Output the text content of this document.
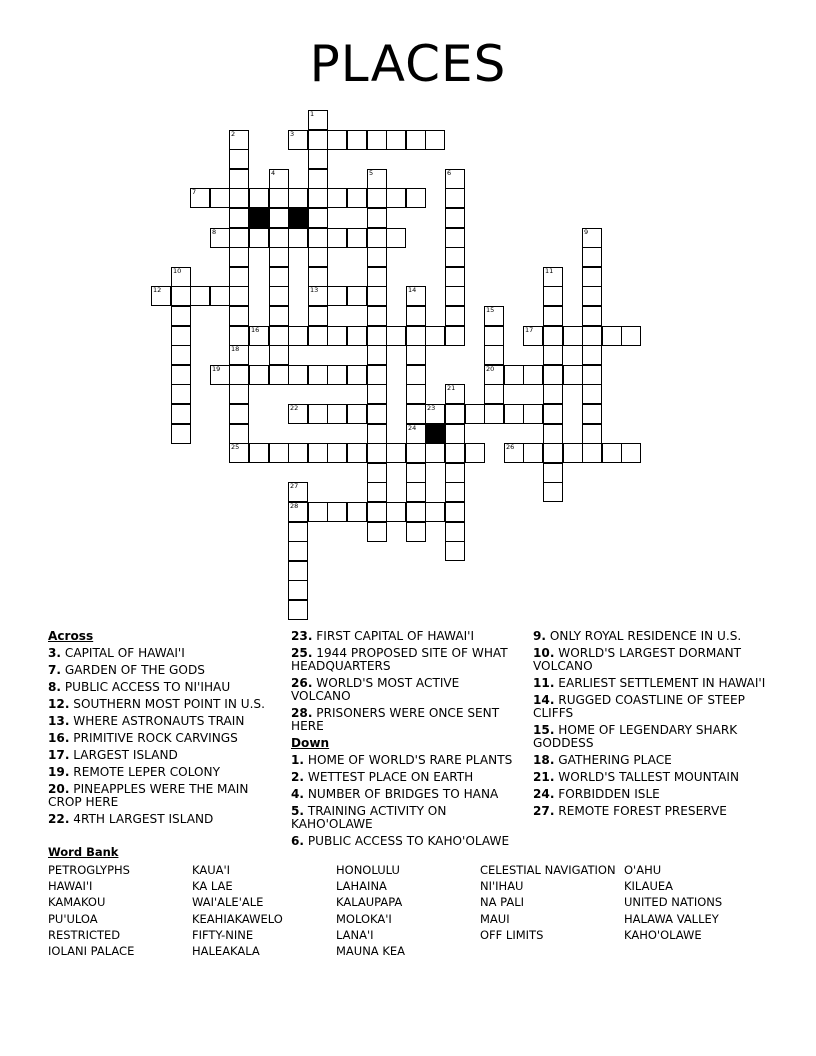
PLACES
1
13
2
18
3
4	5	6
7
8	9
10	11
12	14
24
15
20
16	17
19
21
22	23
25	26
27
28
Across
3. CAPITAL OF HAWAI'I
7. GARDEN OF THE GODS
8. PUBLIC ACCESS TO NI'IHAU
12. SOUTHERN MOST POINT IN U.S.
13. WHERE ASTRONAUTS TRAIN
16. PRIMITIVE ROCK CARVINGS
17. LARGEST ISLAND
19. REMOTE LEPER COLONY
20. PINEAPPLES WERE THE MAIN CROP HERE
22. 4RTH LARGEST ISLAND
23. FIRST CAPITAL OF HAWAI'I
25. 1944 PROPOSED SITE OF WHAT HEADQUARTERS
26. WORLD'S MOST ACTIVE VOLCANO
28. PRISONERS WERE ONCE SENT HERE
Down
1. HOME OF WORLD'S RARE PLANTS
2. WETTEST PLACE ON EARTH
4. NUMBER OF BRIDGES TO HANA
5. TRAINING ACTIVITY ON KAHO'OLAWE
6. PUBLIC ACCESS TO KAHO'OLAWE
9. ONLY ROYAL RESIDENCE IN U.S.
10. WORLD'S LARGEST DORMANT VOLCANO
11. EARLIEST SETTLEMENT IN HAWAI'I
14. RUGGED COASTLINE OF STEEP CLIFFS
15. HOME OF LEGENDARY SHARK GODDESS
18. GATHERING PLACE
21. WORLD'S TALLEST MOUNTAIN
24. FORBIDDEN ISLE
27. REMOTE FOREST PRESERVE
Word Bank
PETROGLYPHS
HAWAI'I
KAMAKOU
PU'ULOA
RESTRICTED
IOLANI PALACE
KAUA'I
KA LAE
WAI'ALE'ALE
KEAHIAKAWELO
FIFTY-NINE
HALEAKALA
HONOLULU
LAHAINA
KALAUPAPA
MOLOKA'I
LANA'I
MAUNA KEA
CELESTIAL NAVIGATION
NI'IHAU
NA PALI
MAUI
OFF LIMITS
O'AHU
KILAUEA
UNITED NATIONS
HALAWA VALLEY
KAHO'OLAWE
